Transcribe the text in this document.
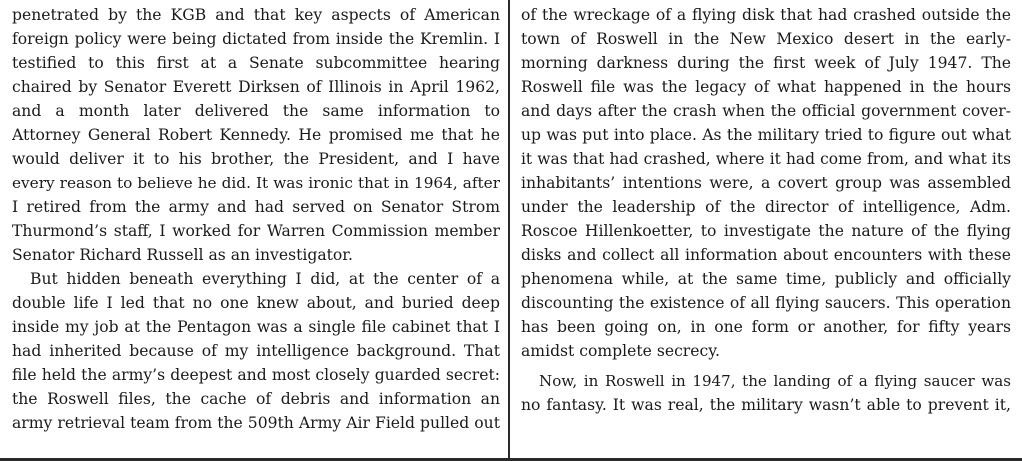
penetrated by the KGB and that key aspects of American
foreign policy were being dictated from inside the Kremlin. I
testified to this first at a Senate subcommittee hearing
chaired by Senator Everett Dirksen of Illinois in April 1962,
and a month later delivered the same information to
Attorney General Robert Kennedy. He promised me that he
would deliver it to his brother, the President, and I have
every reason to believe he did. It was ironic that in 1964, after
I retired from the army and had served on Senator Strom
Thurmond’s staff, I worked for Warren Commission member
Senator Richard Russell as an investigator.
But hidden beneath everything I did, at the center of a
double life I led that no one knew about, and buried deep
inside my job at the Pentagon was a single file cabinet that I
had inherited because of my intelligence background. That
file held the army’s deepest and most closely guarded secret:
the Roswell files, the cache of debris and information an
army retrieval team from the 509th Army Air Field pulled out
of the wreckage of a flying disk that had crashed outside the
town of Roswell in the New Mexico desert in the early-
morning darkness during the first week of July 1947. The
Roswell file was the legacy of what happened in the hours
and days after the crash when the official government cover-
up was put into place. As the military tried to figure out what
it was that had crashed, where it had come from, and what its
inhabitants’ intentions were, a covert group was assembled
under the leadership of the director of intelligence, Adm.
Roscoe Hillenkoetter, to investigate the nature of the flying
disks and collect all information about encounters with these
phenomena while, at the same time, publicly and officially
discounting the existence of all flying saucers. This operation
has been going on, in one form or another, for fifty years
amidst complete secrecy.
Now, in Roswell in 1947, the landing of a flying saucer was
no fantasy. It was real, the military wasn’t able to prevent it,
